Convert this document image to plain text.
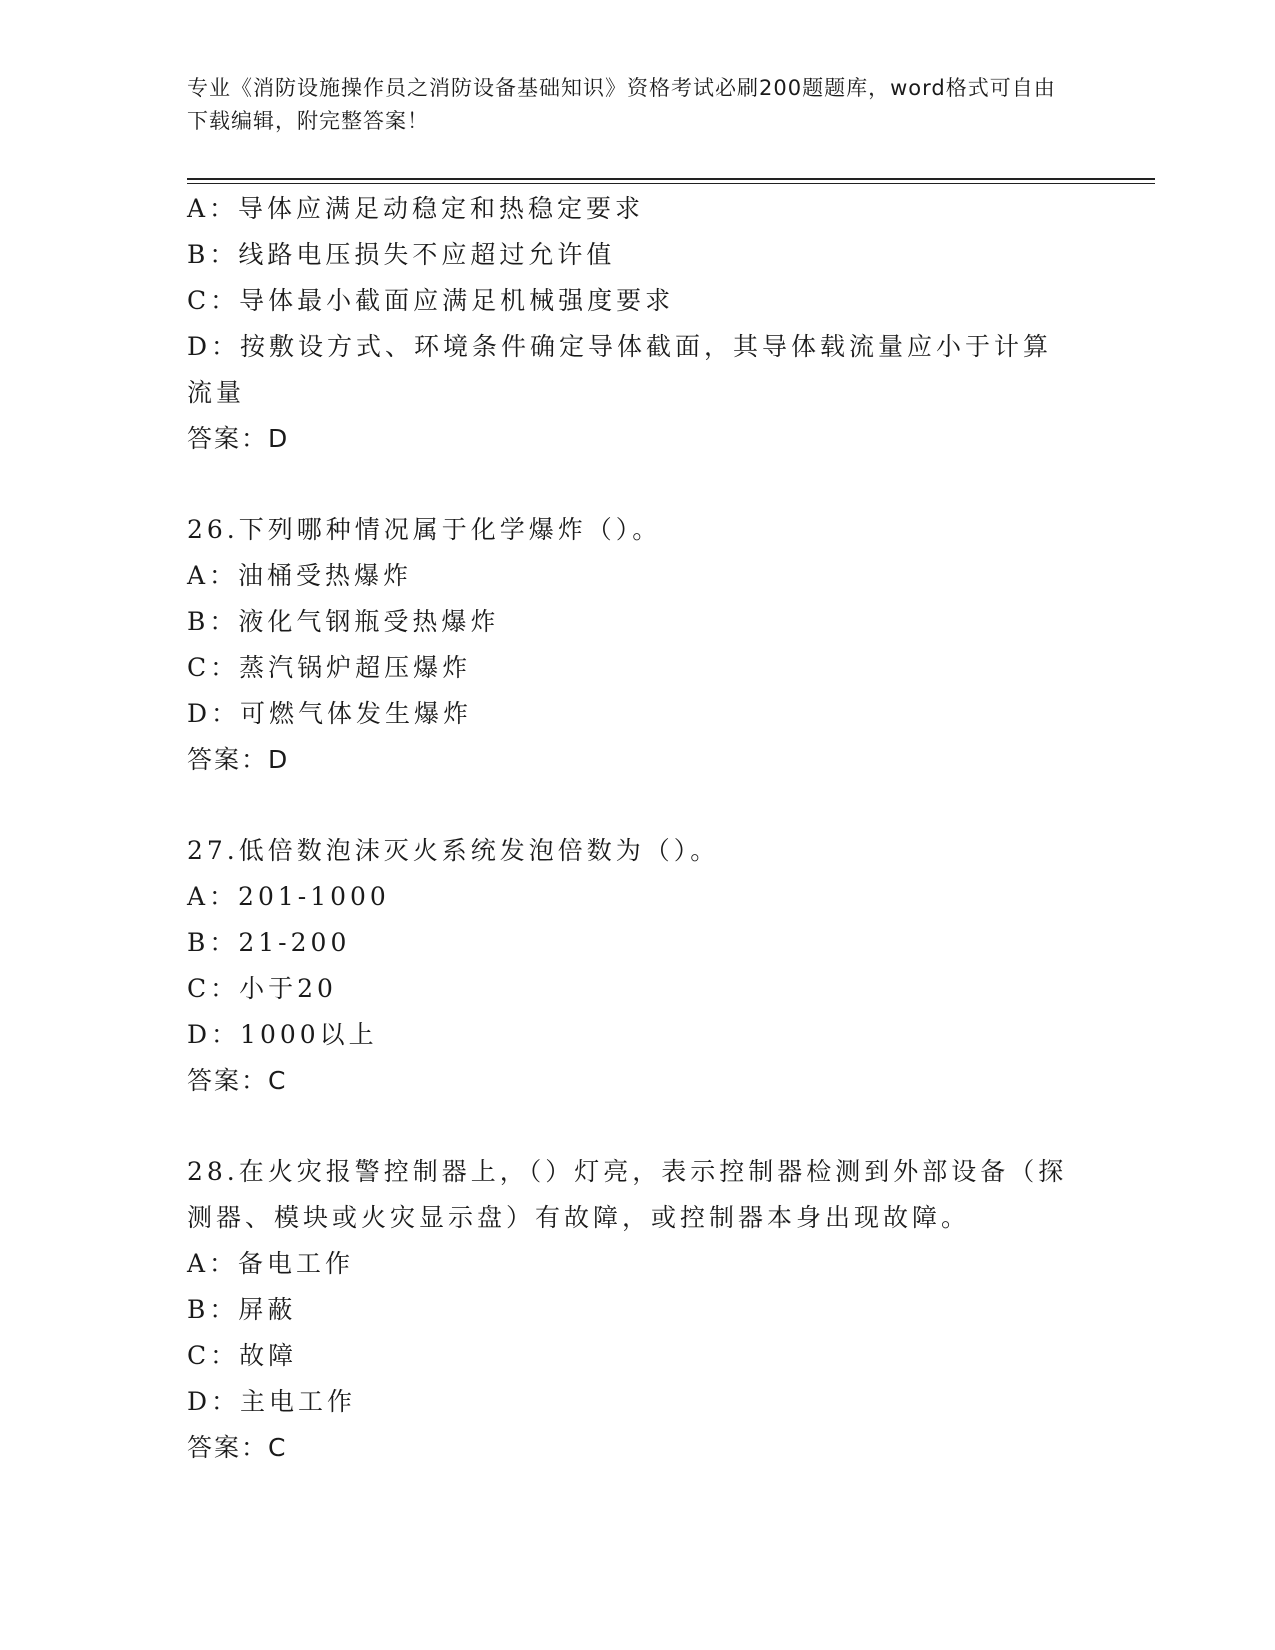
专业《消防设施操作员之消防设备基础知识》资格考试必刷200题题库，word格式可自由下载编辑，附完整答案！
A：导体应满足动稳定和热稳定要求
B：线路电压损失不应超过允许值
C：导体最小截面应满足机械强度要求
D：按敷设方式、环境条件确定导体截面，其导体载流量应小于计算流量
答案：D
26.下列哪种情况属于化学爆炸（）。
A：油桶受热爆炸
B：液化气钢瓶受热爆炸
C：蒸汽锅炉超压爆炸
D：可燃气体发生爆炸
答案：D
27.低倍数泡沫灭火系统发泡倍数为（）。
A：201-1000
B：21-200
C：小于20
D：1000以上
答案：C
28.在火灾报警控制器上，（）灯亮，表示控制器检测到外部设备（探测器、模块或火灾显示盘）有故障，或控制器本身出现故障。
A：备电工作
B：屏蔽
C：故障
D：主电工作
答案：C
